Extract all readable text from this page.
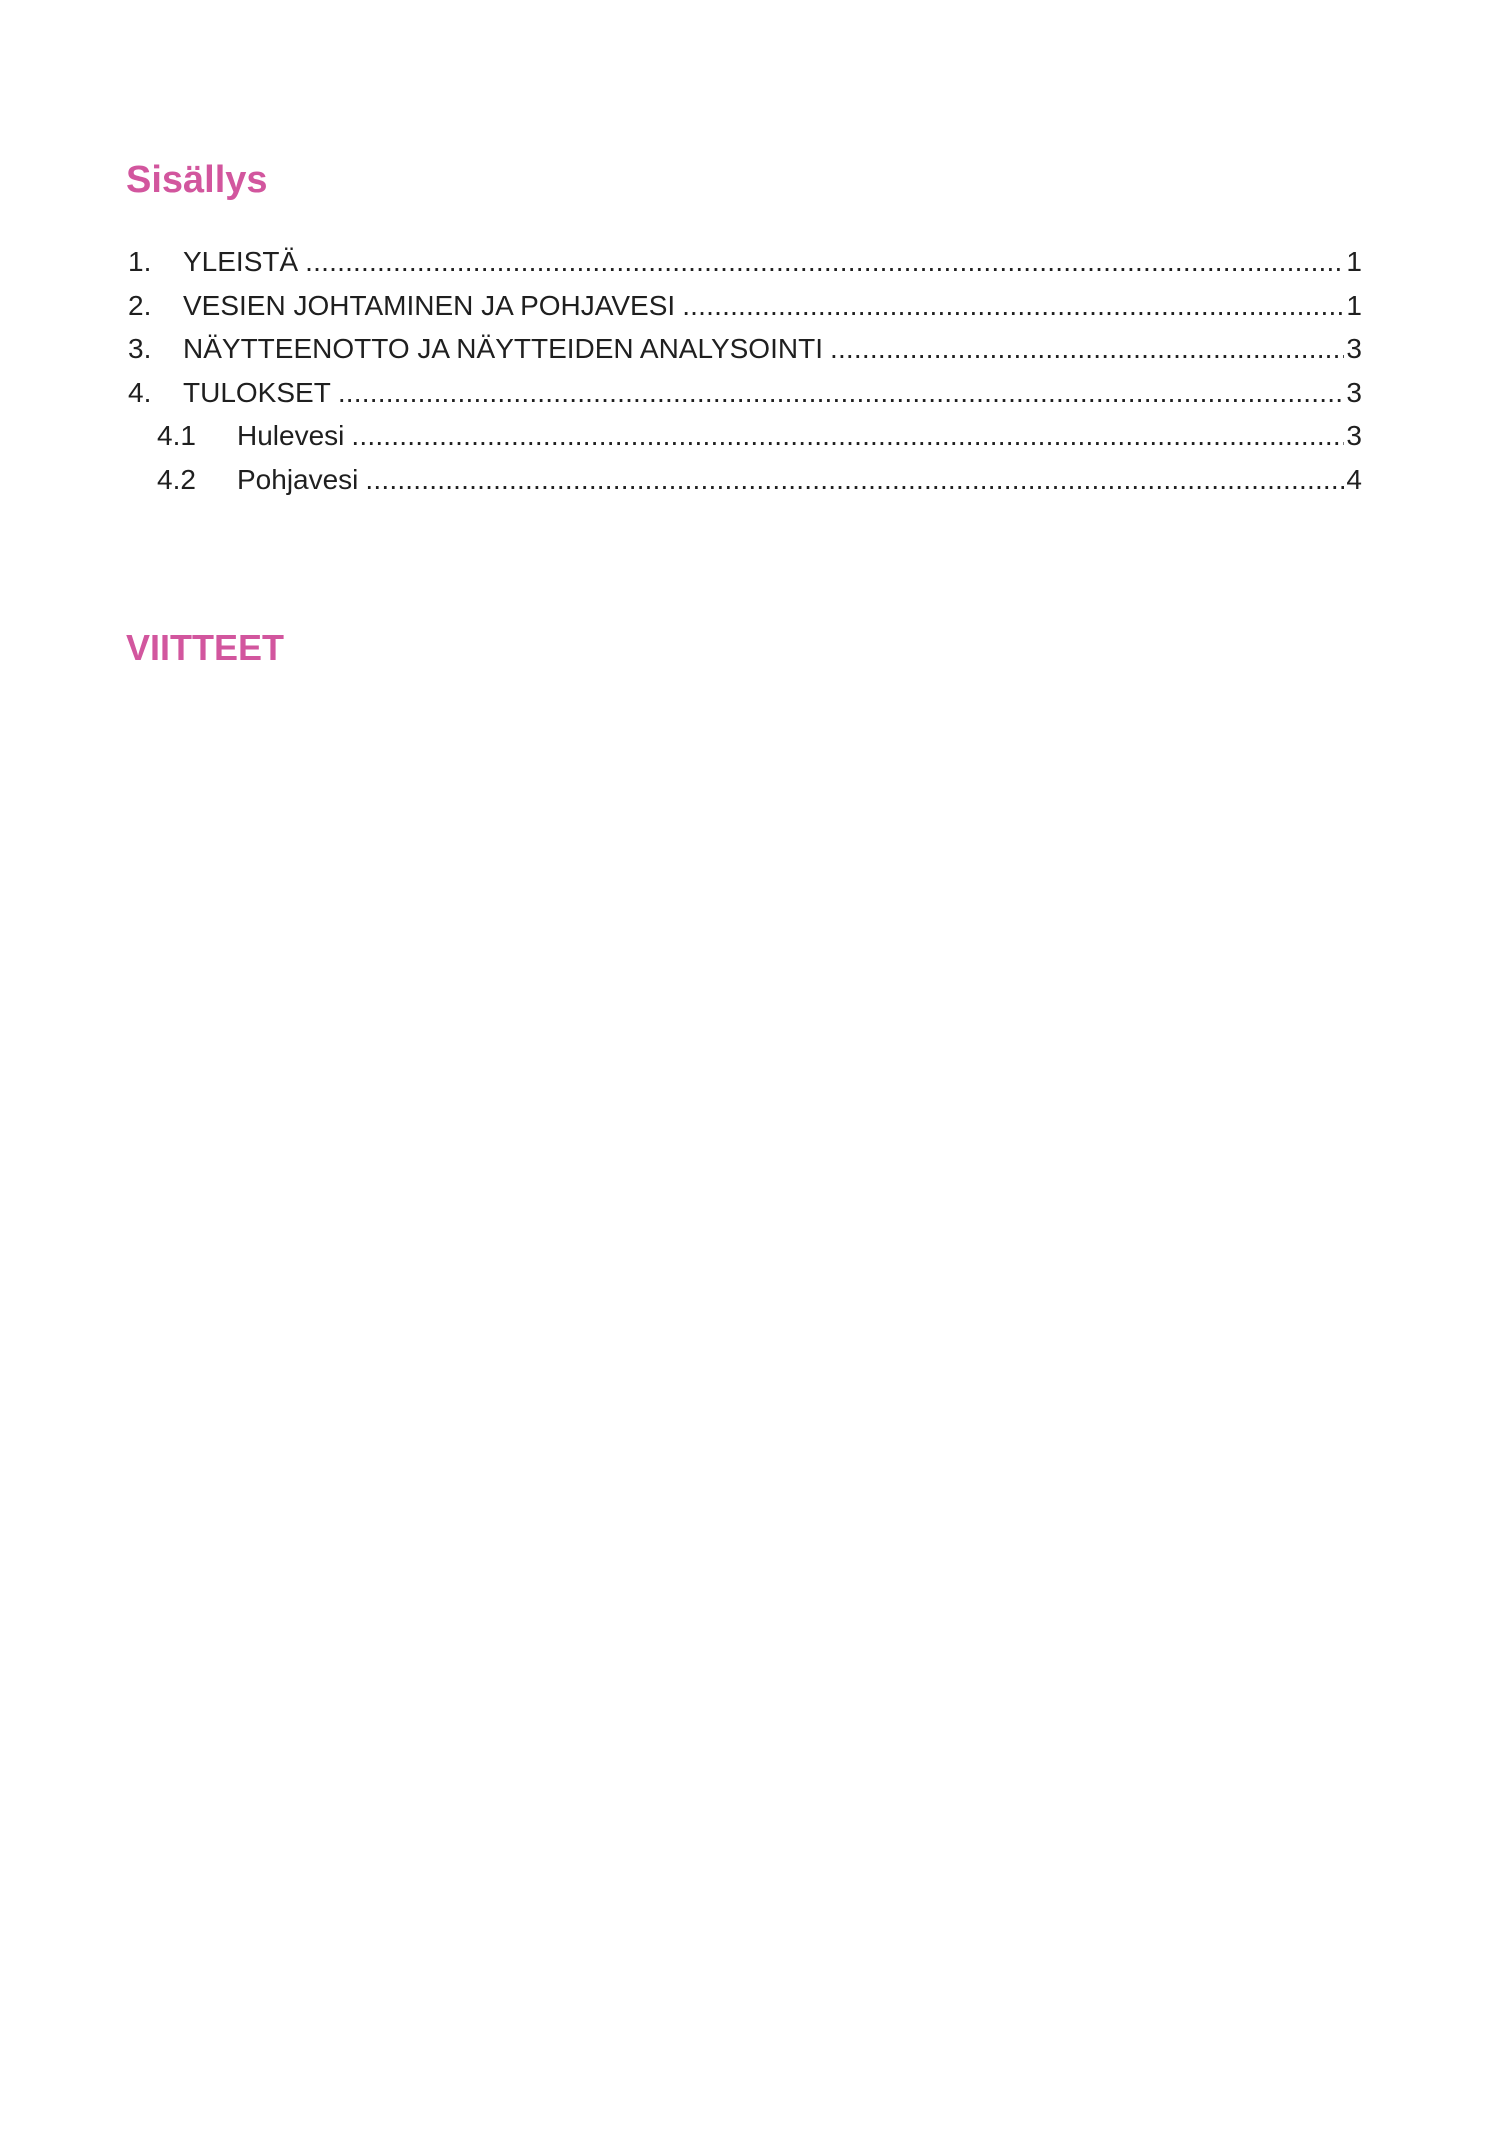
Sisällys
1.	YLEISTÄ .....	1
2.	VESIEN JOHTAMINEN JA POHJAVESI .....	1
3.	NÄYTTEENOTTO JA NÄYTTEIDEN ANALYSOINTI .....	3
4.	TULOKSET .....	3
4.1	Hulevesi .....	3
4.2	Pohjavesi .....	4
VIITTEET
